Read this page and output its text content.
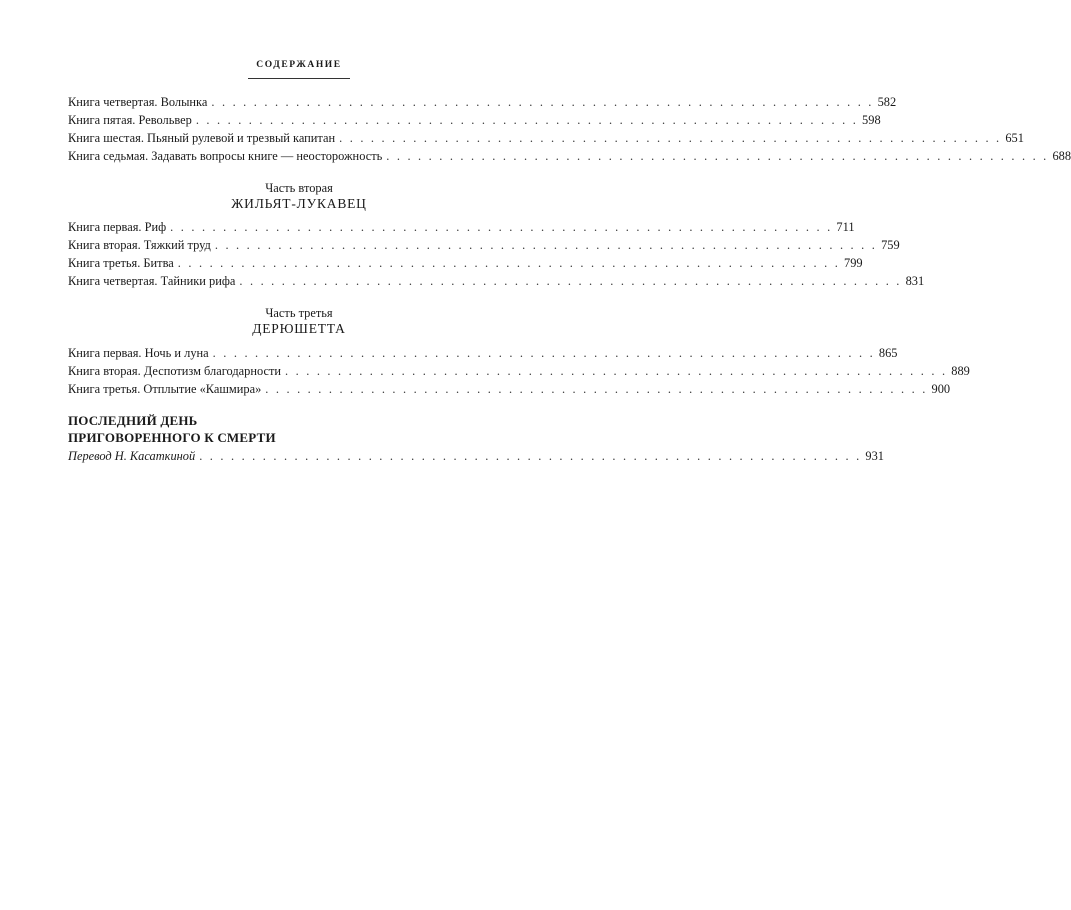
СОДЕРЖАНИЕ
Книга четвертая. Волынка . . . . . . . . . . . . . . . . . . . . . . . . . . . . . . . . . . . . . . . . . . . . . . . . . . . . . . . . . . . . . . . 582
Книга пятая. Револьвер . . . . . . . . . . . . . . . . . . . . . . . . . . . . . . . . . . . . . . . . . . . . . . . . . . . . . . . . . . . . . . . 598
Книга шестая. Пьяный рулевой и трезвый капитан . . . . . . . . . . . . . . . . . . . . . . . . . . . . . . . . . . . . . . . . . . . . . . . . . . . . . . . . . . . . . . . 651
Книга седьмая. Задавать вопросы книге — неосторожность . . . . . . . . . . . . . . . . . . . . . . . . . . . . . . . . . . . . . . . . . . . . . . . . . . . . . . . . . . . . . . . 688
Часть вторая
ЖИЛЬЯТ-ЛУКАВЕЦ
Книга первая. Риф . . . . . . . . . . . . . . . . . . . . . . . . . . . . . . . . . . . . . . . . . . . . . . . . . . . . . . . . . . . . . . . 711
Книга вторая. Тяжкий труд . . . . . . . . . . . . . . . . . . . . . . . . . . . . . . . . . . . . . . . . . . . . . . . . . . . . . . . . . . . . . . . 759
Книга третья. Битва . . . . . . . . . . . . . . . . . . . . . . . . . . . . . . . . . . . . . . . . . . . . . . . . . . . . . . . . . . . . . . . 799
Книга четвертая. Тайники рифа . . . . . . . . . . . . . . . . . . . . . . . . . . . . . . . . . . . . . . . . . . . . . . . . . . . . . . . . . . . . . . . 831
Часть третья
ДЕРЮШЕТТА
Книга первая. Ночь и луна . . . . . . . . . . . . . . . . . . . . . . . . . . . . . . . . . . . . . . . . . . . . . . . . . . . . . . . . . . . . . . . 865
Книга вторая. Деспотизм благодарности . . . . . . . . . . . . . . . . . . . . . . . . . . . . . . . . . . . . . . . . . . . . . . . . . . . . . . . . . . . . . . . 889
Книга третья. Отплытие «Кашмира» . . . . . . . . . . . . . . . . . . . . . . . . . . . . . . . . . . . . . . . . . . . . . . . . . . . . . . . . . . . . . . . 900
ПОСЛЕДНИЙ ДЕНЬ
ПРИГОВОРЕННОГО К СМЕРТИ
Перевод Н. Касаткиной . . . . . . . . . . . . . . . . . . . . . . . . . . . . . . . . . . . . . . . . . . . . . . . . . . . . . . . . . . . . . . . 931
